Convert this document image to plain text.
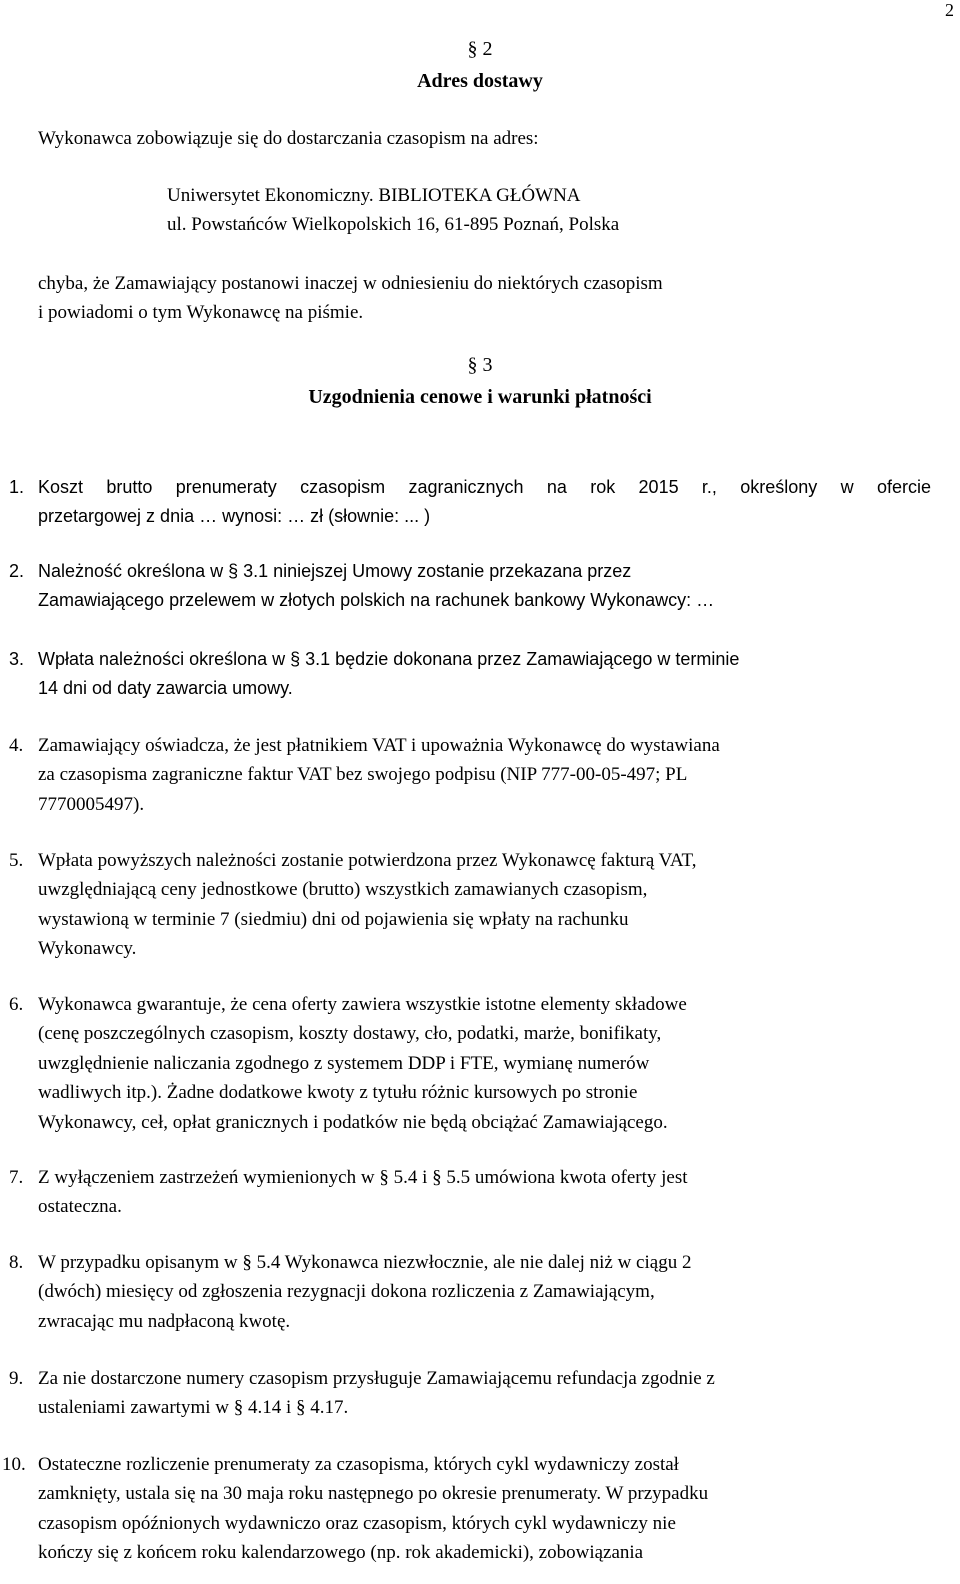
2
§ 2
Adres dostawy
Wykonawca zobowiązuje się do dostarczania czasopism na adres:
Uniwersytet Ekonomiczny. BIBLIOTEKA GŁÓWNA
ul. Powstańców Wielkopolskich 16, 61-895 Poznań, Polska
chyba, że Zamawiający postanowi inaczej w odniesieniu do niektórych czasopism
i powiadomi o tym Wykonawcę na piśmie.
§ 3
Uzgodnienia cenowe i warunki płatności
1. Koszt brutto prenumeraty czasopism zagranicznych na rok 2015 r., określony w ofercie
przetargowej z dnia … wynosi: … zł (słownie: ... )
2. Należność określona w § 3.1 niniejszej Umowy zostanie przekazana przez
Zamawiającego przelewem w złotych polskich na rachunek bankowy Wykonawcy: …
3. Wpłata należności określona w § 3.1 będzie dokonana przez Zamawiającego w terminie
14 dni od daty zawarcia umowy.
4. Zamawiający oświadcza, że jest płatnikiem VAT i upoważnia Wykonawcę do wystawiana
za czasopisma zagraniczne faktur VAT bez swojego podpisu (NIP 777-00-05-497; PL
7770005497).
5. Wpłata powyższych należności zostanie potwierdzona przez Wykonawcę fakturą VAT,
uwzględniającą ceny jednostkowe (brutto) wszystkich zamawianych czasopism,
wystawioną w terminie 7 (siedmiu) dni od pojawienia się wpłaty na rachunku
Wykonawcy.
6. Wykonawca gwarantuje, że cena oferty zawiera wszystkie istotne elementy składowe
(cenę poszczególnych czasopism, koszty dostawy, cło, podatki, marże, bonifikaty,
uwzględnienie naliczania zgodnego z systemem DDP i FTE, wymianę numerów
wadliwych itp.). Żadne dodatkowe kwoty z tytułu różnic kursowych po stronie
Wykonawcy, ceł, opłat granicznych i podatków nie będą obciążać Zamawiającego.
7. Z wyłączeniem zastrzeżeń wymienionych w § 5.4 i § 5.5 umówiona kwota oferty jest
ostateczna.
8. W przypadku opisanym w § 5.4 Wykonawca niezwłocznie, ale nie dalej niż w ciągu 2
(dwóch) miesięcy od zgłoszenia rezygnacji dokona rozliczenia z Zamawiającym,
zwracając mu nadpłaconą kwotę.
9. Za nie dostarczone numery czasopism przysługuje Zamawiającemu refundacja zgodnie z
ustaleniami zawartymi w § 4.14 i § 4.17.
10. Ostateczne rozliczenie prenumeraty za czasopisma, których cykl wydawniczy został
zamknięty, ustala się na 30 maja roku następnego po okresie prenumeraty. W przypadku
czasopism opóźnionych wydawniczo oraz czasopism, których cykl wydawniczy nie
kończy się z końcem roku kalendarzowego (np. rok akademicki), zobowiązania
